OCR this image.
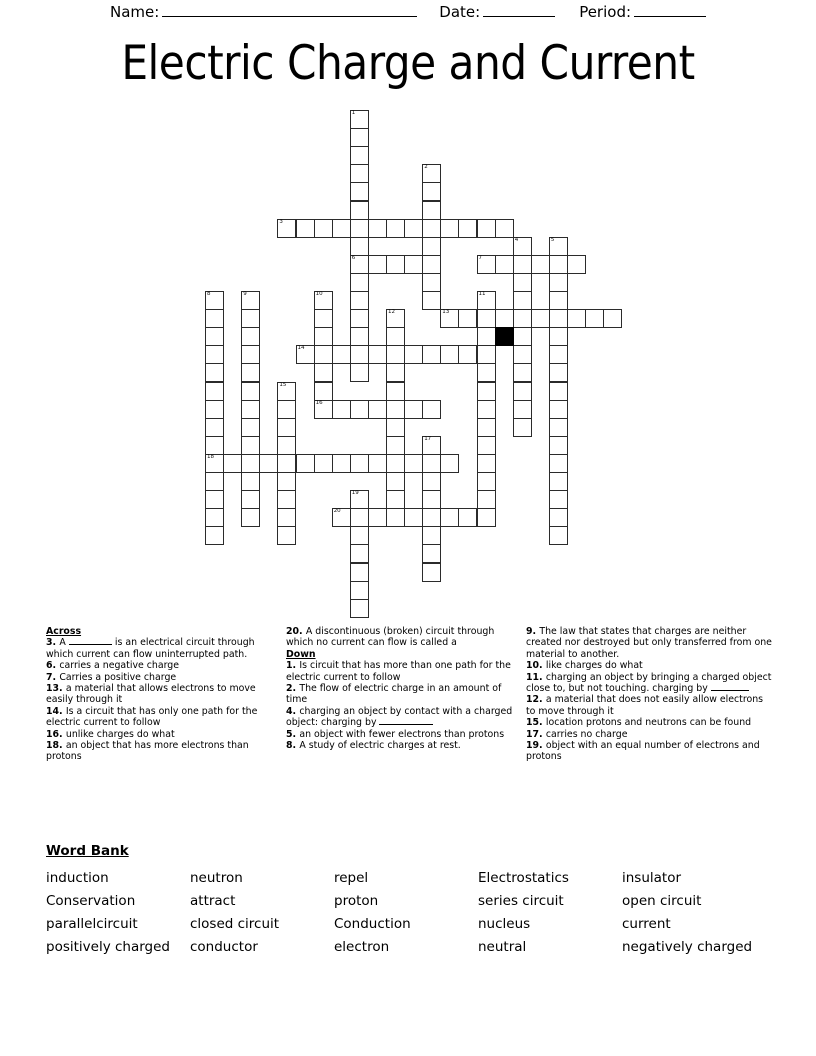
Name:	Date:	Period:
Electric Charge and Current
1
6
2
3
4	5
7
8
18
9	10	11
12	13
14
15
16
17
19
20
Across
3. A	is an electrical circuit through which current can flow uninterrupted path.
6. carries a negative charge
7. Carries a positive charge
13. a material that allows electrons to move easily through it
14. Is a circuit that has only one path for the electric current to follow
16. unlike charges do what
18. an object that has more electrons than protons
20. A discontinuous (broken) circuit through which no current can flow is called a
Down
1. Is circuit that has more than one path for the electric current to follow
2. The flow of electric charge in an amount of time
4. charging an object by contact with a charged object: charging by
5. an object with fewer electrons than protons
8. A study of electric charges at rest.
9. The law that states that charges are neither created nor destroyed but only transferred from one material to another.
10. like charges do what
11. charging an object by bringing a charged object close to, but not touching. charging by
12. a material that does not easily allow electrons to move through it
15. location protons and neutrons can be found
17. carries no charge
19. object with an equal number of electrons and protons
Word Bank
induction	neutron	repel	Electrostatics	insulator
Conservation	attract	proton	series circuit	open circuit
parallelcircuit	closed circuit	Conduction	nucleus	current
positively charged	conductor	electron	neutral	negatively charged
